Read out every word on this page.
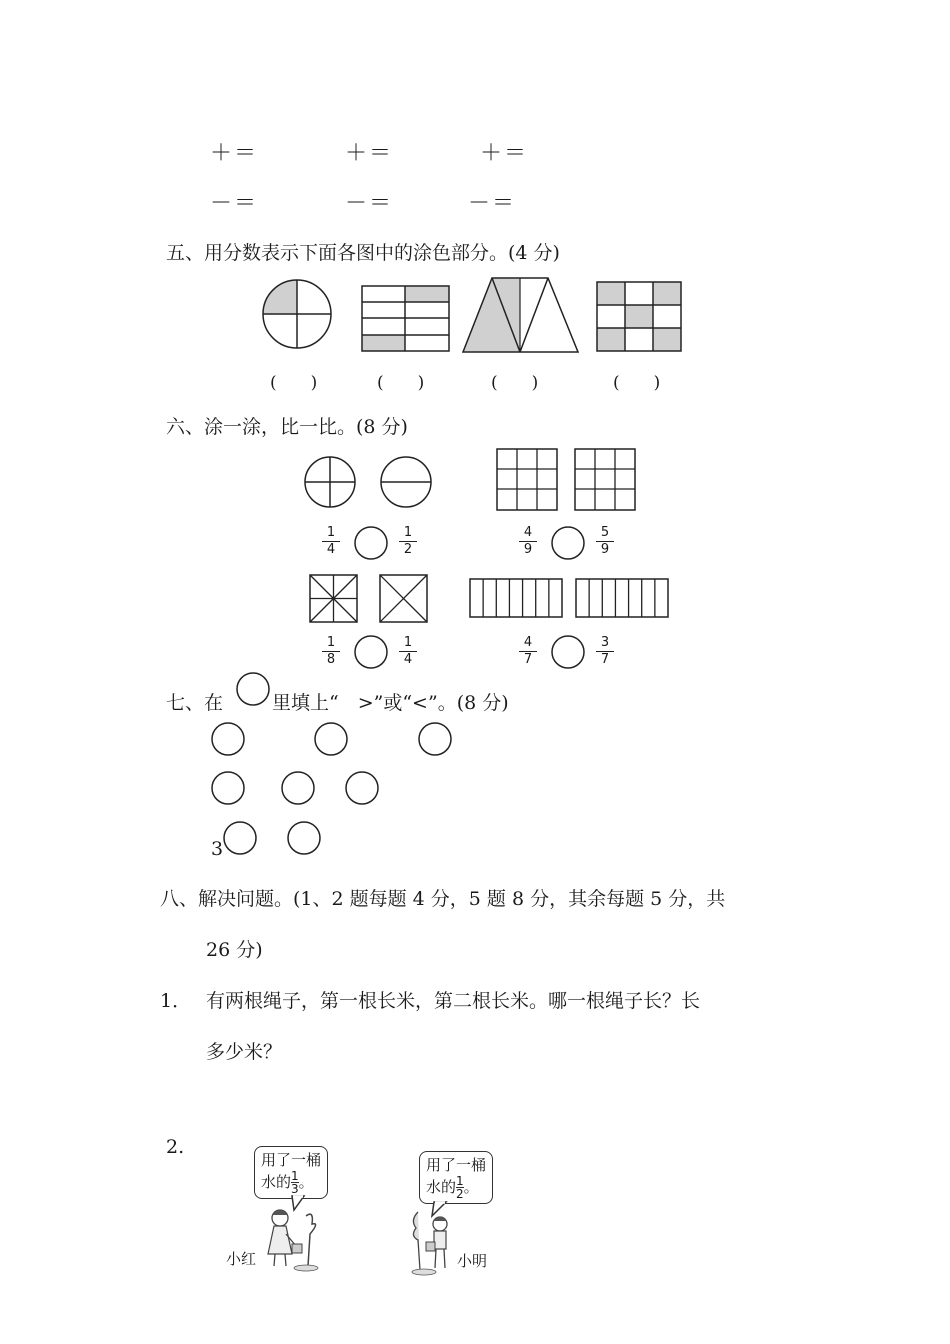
＋＝	＋＝	＋＝
－＝	－＝	－＝
五、用分数表示下面各图中的涂色部分。(4 分)
(　　)	(　　)	(　　)	(　　)
六、涂一涂，比一比。(8 分)
$\frac{1}{4}$	$\frac{1}{2}$	$\frac{4}{9}$	$\frac{5}{9}$
$\frac{1}{8}$	$\frac{1}{4}$	$\frac{4}{7}$	$\frac{3}{7}$
七、在	里填上“　>”或“<”。(8 分)
3
八、解决问题。(1、2 题每题 4 分，5 题 8 分，其余每题 5 分，共
26 分)
1． 有两根绳子，第一根长米，第二根长米。哪一根绳子长？长
多少米？
2.
用了一桶
水的 $\frac{1}{3}$ 。
用了一桶
水的 $\frac{1}{2}$ 。
小红	小明
